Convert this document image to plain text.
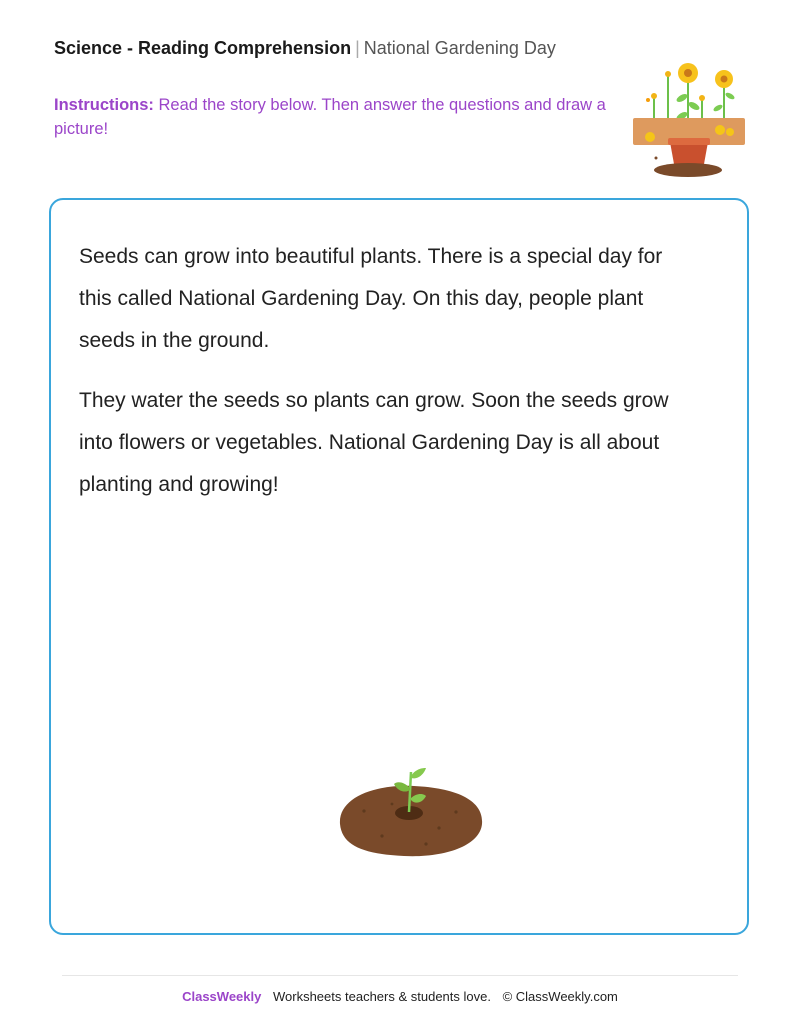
Science - Reading Comprehension | National Gardening Day
Instructions: Read the story below. Then answer the questions and draw a picture!

Seeds can grow into beautiful plants. There is a special day for this called National Gardening Day. On this day, people plant seeds in the ground.

They water the seeds so plants can grow. Soon the seeds grow into flowers or vegetables. National Gardening Day is all about planting and growing!

ClassWeekly Worksheets teachers & students love. © ClassWeekly.com
